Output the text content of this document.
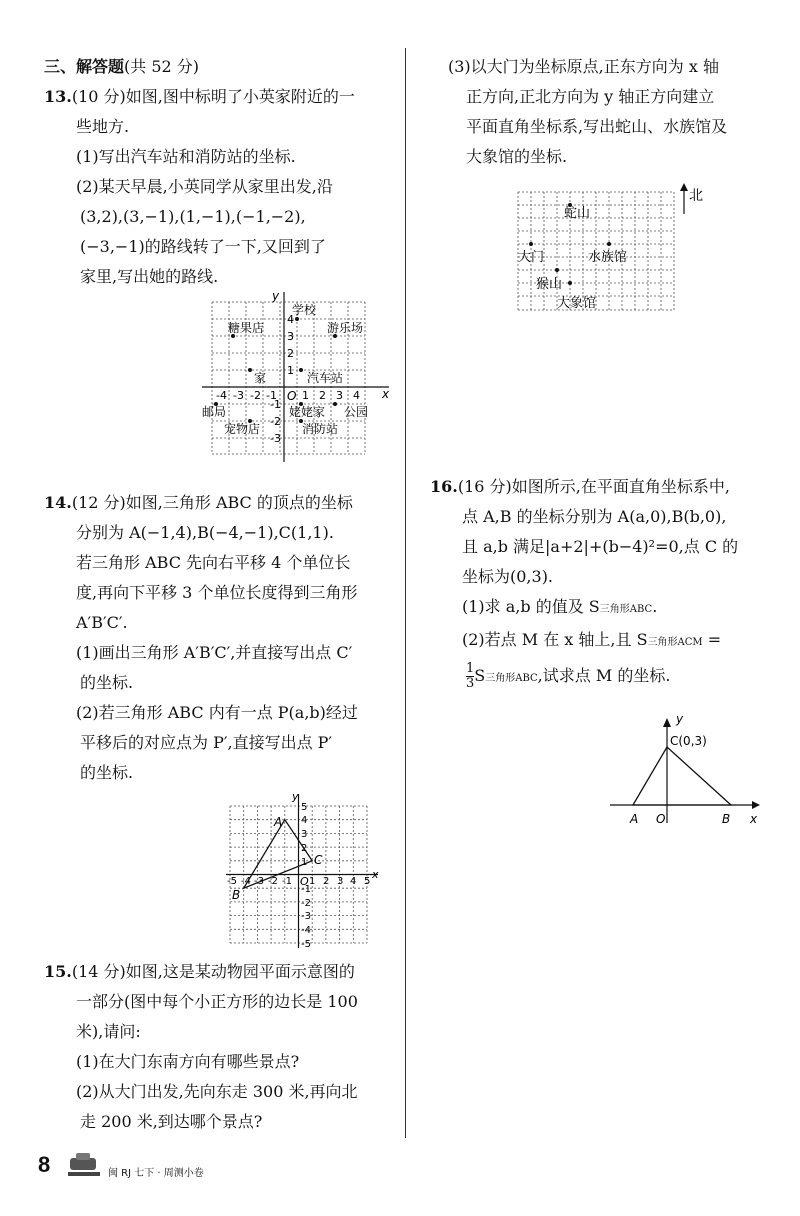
三、解答题(共 52 分)
13.(10 分)如图,图中标明了小英家附近的一
些地方.
(1)写出汽车站和消防站的坐标.
(2)某天早晨,小英同学从家里出发,沿
(3,2),(3,−1),(1,−1),(−1,−2),
(−3,−1)的路线转了一下,又回到了
家里,写出她的路线.
x
y
O
-4 -3 -2 -1 1 2 3 4
4
3
2
1
-1
-2
-3
学校
糖果店	游乐场
家	汽车站
邮局	姥姥家 公园
宠物店	消防站
14.(12 分)如图,三角形 ABC 的顶点的坐标
分别为 A(−1,4),B(−4,−1),C(1,1).
若三角形 ABC 先向右平移 4 个单位长
度,再向下平移 3 个单位长度得到三角形
A′B′C′.
(1)画出三角形 A′B′C′,并直接写出点 C′
的坐标.
(2)若三角形 ABC 内有一点 P(a,b)经过
平移后的对应点为 P′,直接写出点 P′
的坐标.
x
y
O
A
B
C
-5 -4 -3 -2 -1 1 2 3 4 5
5
4
3
2
1
-1
-2
-3
-4
-5
15.(14 分)如图,这是某动物园平面示意图的
一部分(图中每个小正方形的边长是 100
米),请问:
(1)在大门东南方向有哪些景点?
(2)从大门出发,先向东走 300 米,再向北
走 200 米,到达哪个景点?
(3)以大门为坐标原点,正东方向为 x 轴
正方向,正北方向为 y 轴正方向建立
平面直角坐标系,写出蛇山、水族馆及
大象馆的坐标.
北
蛇山
大门	水族馆
猴山
大象馆
16.(16 分)如图所示,在平面直角坐标系中,
点 A,B 的坐标分别为 A(a,0),B(b,0),
且 a,b 满足|a+2|+(b−4)²=0,点 C 的
坐标为(0,3).
(1)求 a,b 的值及 S三角形ABC.
(2)若点 M 在 x 轴上,且 S三角形ACM =
$\frac{1}{3}$ S三角形ABC,试求点 M 的坐标.
y
x
O
A	B
C(0,3)
8	闽 RJ 七下 · 周测小卷
